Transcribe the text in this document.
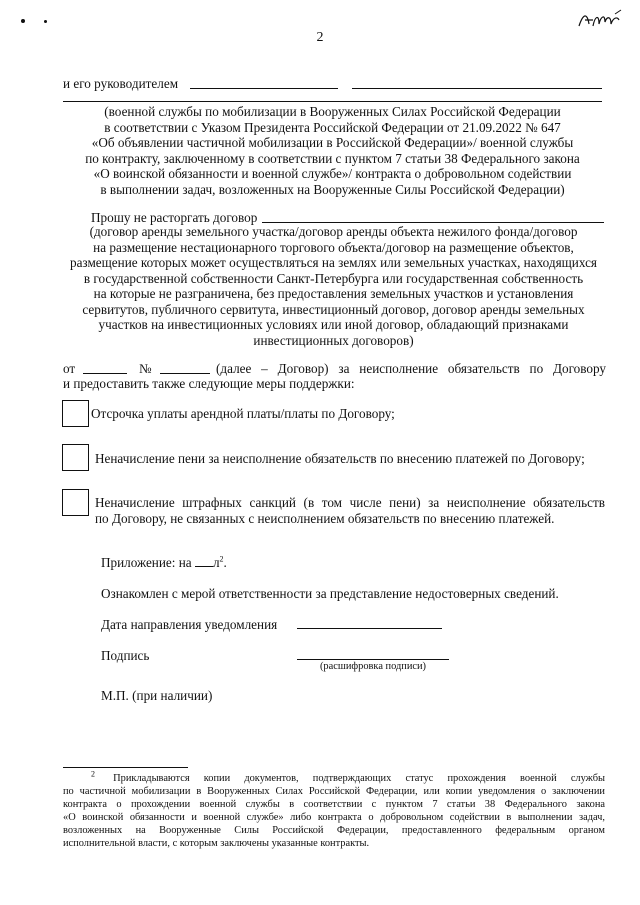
2
и его руководителем
(военной службы по мобилизации в Вооруженных Силах Российской Федерации
в соответствии с Указом Президента Российской Федерации от 21.09.2022 № 647
«Об объявлении частичной мобилизации в Российской Федерации»/ военной службы
по контракту, заключенному в соответствии с пунктом 7 статьи 38 Федерального закона
«О воинской обязанности и военной службе»/ контракта о добровольном содействии
в выполнении задач, возложенных на Вооруженные Силы Российской Федерации)
Прошу не расторгать договор
(договор аренды земельного участка/договор аренды объекта нежилого фонда/договор
на размещение нестационарного торгового объекта/договор на размещение объектов,
размещение которых может осуществляться на землях или земельных участках, находящихся
в государственной собственности Санкт-Петербурга или государственная собственность
на которые не разграничена, без предоставления земельных участков и установления
сервитутов, публичного сервитута, инвестиционный договор, договор аренды земельных
участков на инвестиционных условиях или иной договор, обладающий признаками
инвестиционных договоров)
от	№	(далее – Договор) за неисполнение обязательств по Договору
и предоставить также следующие меры поддержки:
Отсрочка уплаты арендной платы/платы по Договору;
Неначисление пени за неисполнение обязательств по внесению платежей по Договору;
Неначисление штрафных санкций (в том числе пени) за неисполнение обязательств
по Договору, не связанных с неисполнением обязательств по внесению платежей.
Приложение: на $л^2$.
Ознакомлен с мерой ответственности за представление недостоверных сведений.
Дата направления уведомления
Подпись
(расшифровка подписи)
М.П. (при наличии)
$^2$ Прикладываются копии документов, подтверждающих статус прохождения военной службы
по частичной мобилизации в Вооруженных Силах Российской Федерации, или копии уведомления о заключении
контракта о прохождении военной службы в соответствии с пунктом 7 статьи 38 Федерального закона
«О воинской обязанности и военной службе» либо контракта о добровольном содействии в выполнении задач,
возложенных на Вооруженные Силы Российской Федерации, предоставленного федеральным органом
исполнительной власти, с которым заключены указанные контракты.
